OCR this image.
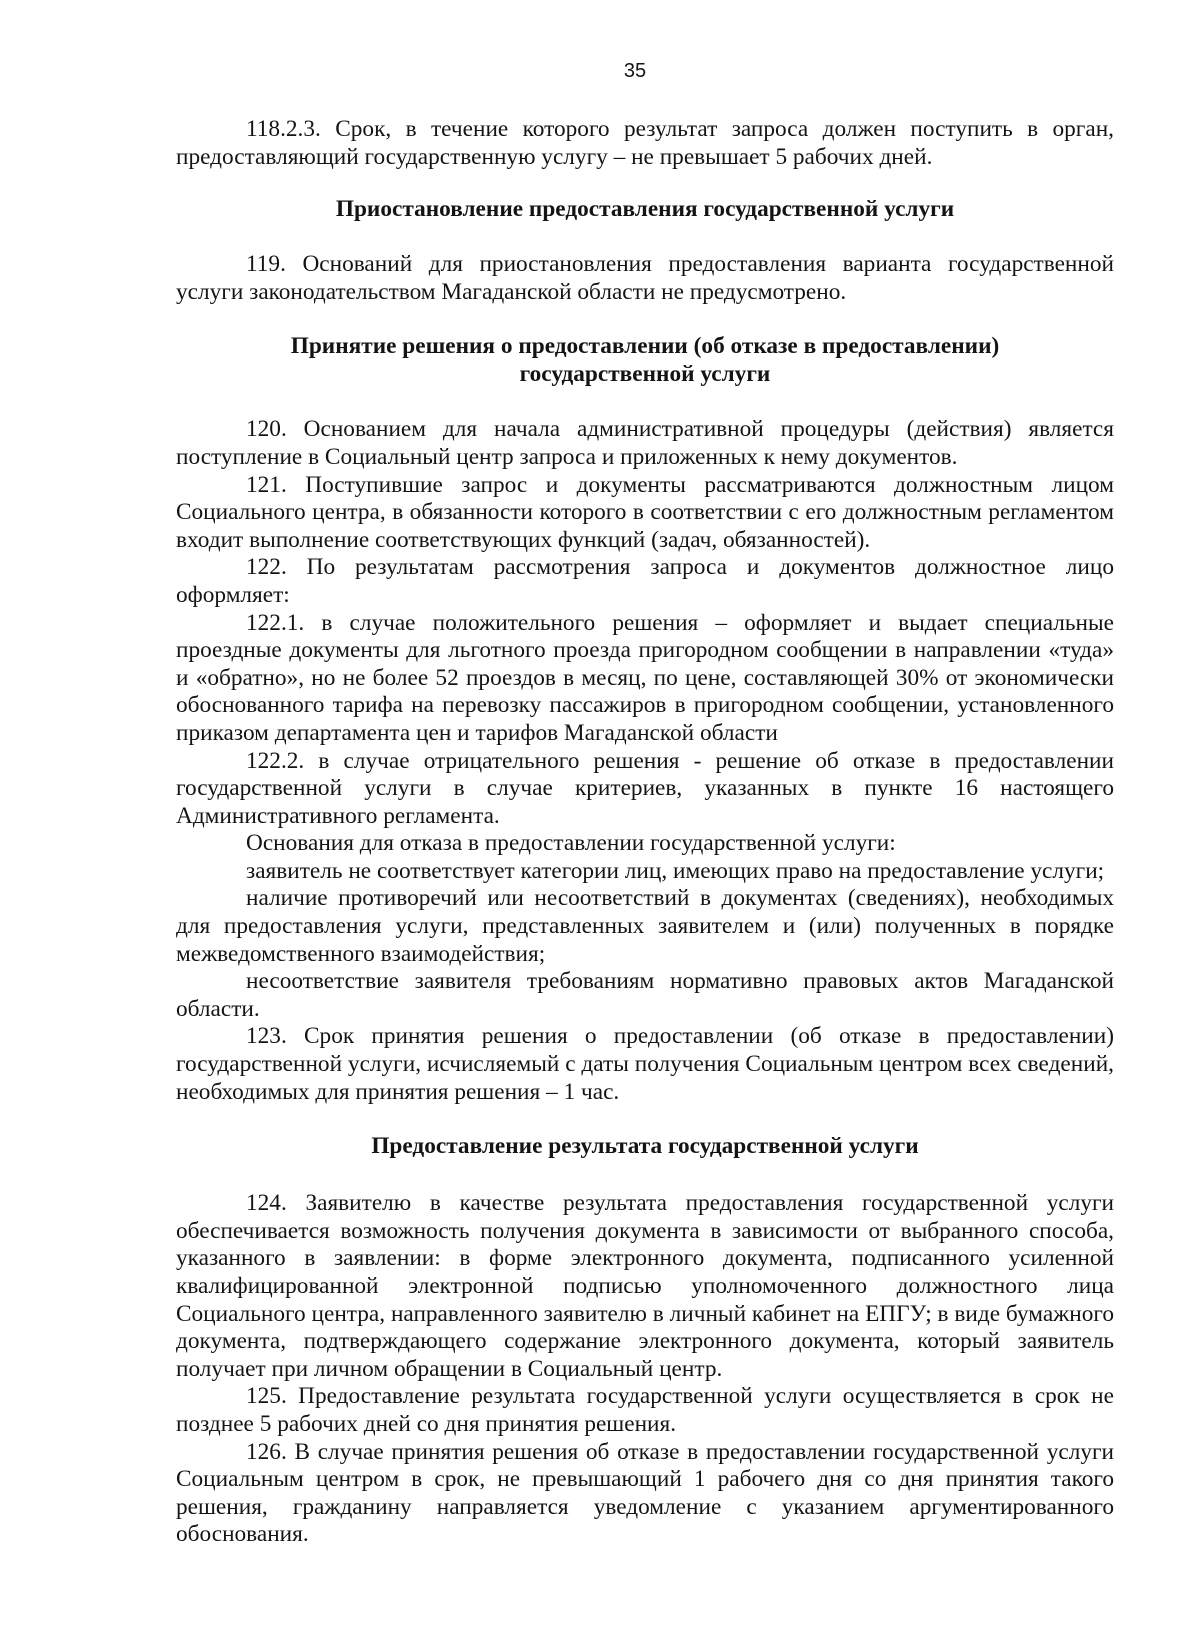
35

118.2.3. Срок, в течение которого результат запроса должен поступить в орган, предоставляющий государственную услугу – не превышает 5 рабочих дней.

Приостановление предоставления государственной услуги

119. Оснований для приостановления предоставления варианта государственной услуги законодательством Магаданской области не предусмотрено.

Принятие решения о предоставлении (об отказе в предоставлении)
государственной услуги

120. Основанием для начала административной процедуры (действия) является поступление в Социальный центр запроса и приложенных к нему документов.

121. Поступившие запрос и документы рассматриваются должностным лицом Социального центра, в обязанности которого в соответствии с его должностным регламентом входит выполнение соответствующих функций (задач, обязанностей).

122. По результатам рассмотрения запроса и документов должностное лицо оформляет:

122.1. в случае положительного решения – оформляет и выдает специальные проездные документы для льготного проезда пригородном сообщении в направлении «туда» и «обратно», но не более 52 проездов в месяц, по цене, составляющей 30% от экономически обоснованного тарифа на перевозку пассажиров в пригородном сообщении, установленного приказом департамента цен и тарифов Магаданской области

122.2. в случае отрицательного решения - решение об отказе в предоставлении государственной услуги в случае критериев, указанных в пункте 16 настоящего Административного регламента.

Основания для отказа в предоставлении государственной услуги:

заявитель не соответствует категории лиц, имеющих право на предоставление услуги;

наличие противоречий или несоответствий в документах (сведениях), необходимых для предоставления услуги, представленных заявителем и (или) полученных в порядке межведомственного взаимодействия;

несоответствие заявителя требованиям нормативно правовых актов Магаданской области.

123. Срок принятия решения о предоставлении (об отказе в предоставлении) государственной услуги, исчисляемый с даты получения Социальным центром всех сведений, необходимых для принятия решения – 1 час.

Предоставление результата государственной услуги

124. Заявителю в качестве результата предоставления государственной услуги обеспечивается возможность получения документа в зависимости от выбранного способа, указанного в заявлении: в форме электронного документа, подписанного усиленной квалифицированной электронной подписью уполномоченного должностного лица Социального центра, направленного заявителю в личный кабинет на ЕПГУ; в виде бумажного документа, подтверждающего содержание электронного документа, который заявитель получает при личном обращении в Социальный центр.

125. Предоставление результата государственной услуги осуществляется в срок не позднее 5 рабочих дней со дня принятия решения.

126. В случае принятия решения об отказе в предоставлении государственной услуги Социальным центром в срок, не превышающий 1 рабочего дня со дня принятия такого решения, гражданину направляется уведомление с указанием аргументированного обоснования.
